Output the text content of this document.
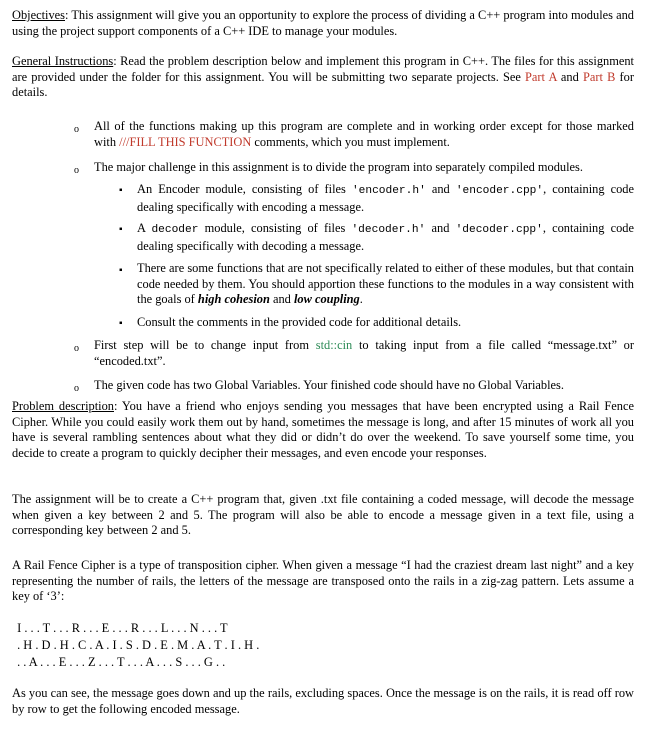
Objectives: This assignment will give you an opportunity to explore the process of dividing a C++ program into modules and using the project support components of a C++ IDE to manage your modules.

General Instructions: Read the problem description below and implement this program in C++. The files for this assignment are provided under the folder for this assignment. You will be submitting two separate projects. See Part A and Part B for details.

o All of the functions making up this program are complete and in working order except for those marked with ///FILL THIS FUNCTION comments, which you must implement.

o The major challenge in this assignment is to divide the program into separately compiled modules.

▪ An Encoder module, consisting of files 'encoder.h' and 'encoder.cpp', containing code dealing specifically with encoding a message.

▪ A decoder module, consisting of files 'decoder.h' and 'decoder.cpp', containing code dealing specifically with decoding a message.

▪ There are some functions that are not specifically related to either of these modules, but that contain code needed by them. You should apportion these functions to the modules in a way consistent with the goals of high cohesion and low coupling.

▪ Consult the comments in the provided code for additional details.

o First step will be to change input from std::cin to taking input from a file called “message.txt” or “encoded.txt”.

o The given code has two Global Variables. Your finished code should have no Global Variables.

Problem description: You have a friend who enjoys sending you messages that have been encrypted using a Rail Fence Cipher. While you could easily work them out by hand, sometimes the message is long, and after 15 minutes of work all you have is several rambling sentences about what they did or didn’t do over the weekend. To save yourself some time, you decide to create a program to quickly decipher their messages, and even encode your responses.

The assignment will be to create a C++ program that, given .txt file containing a coded message, will decode the message when given a key between 2 and 5. The program will also be able to encode a message given in a text file, using a corresponding key between 2 and 5.

A Rail Fence Cipher is a type of transposition cipher. When given a message “I had the craziest dream last night” and a key representing the number of rails, the letters of the message are transposed onto the rails in a zig-zag pattern. Lets assume a key of ‘3’:

I . . . T . . . R . . . E . . . R . . . L . . . N . . . T
. H . D . H . C . A . I . S . D . E . M . A . T . I . H .
. . A . . . E . . . Z . . . T . . . A . . . S . . . G . .

As you can see, the message goes down and up the rails, excluding spaces. Once the message is on the rails, it is read off row by row to get the following encoded message.
